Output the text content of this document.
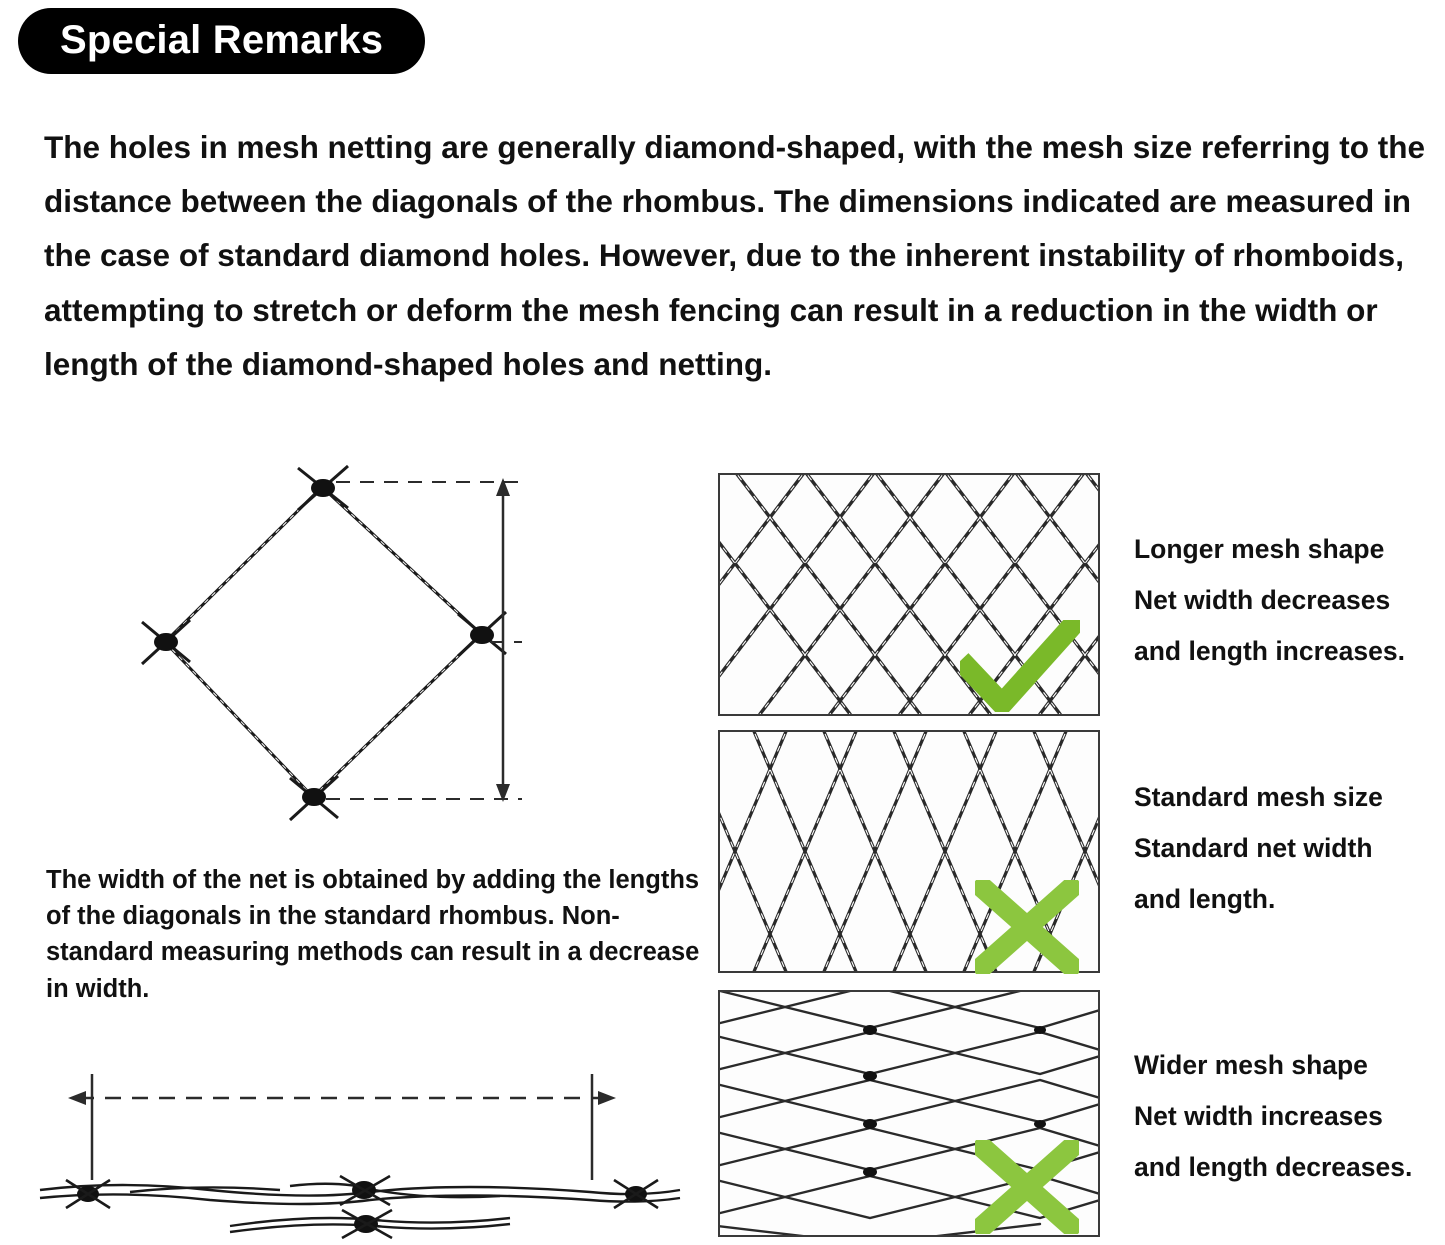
Special Remarks
The holes in mesh netting are generally diamond-shaped, with the mesh size referring to the distance between the diagonals of the rhombus. The dimensions indicated are measured in the case of standard diamond holes. However, due to the inherent instability of rhomboids, attempting to stretch or deform the mesh fencing can result in a reduction in the width or length of the diamond-shaped holes and netting.
The width of the net is obtained by adding the lengths of the diagonals in the standard rhombus. Non-standard measuring methods can result in a decrease in width.
Longer mesh shape
Net width decreases
and length increases.
Standard mesh size
Standard net width
and length.
Wider mesh shape
Net width increases
and length decreases.
